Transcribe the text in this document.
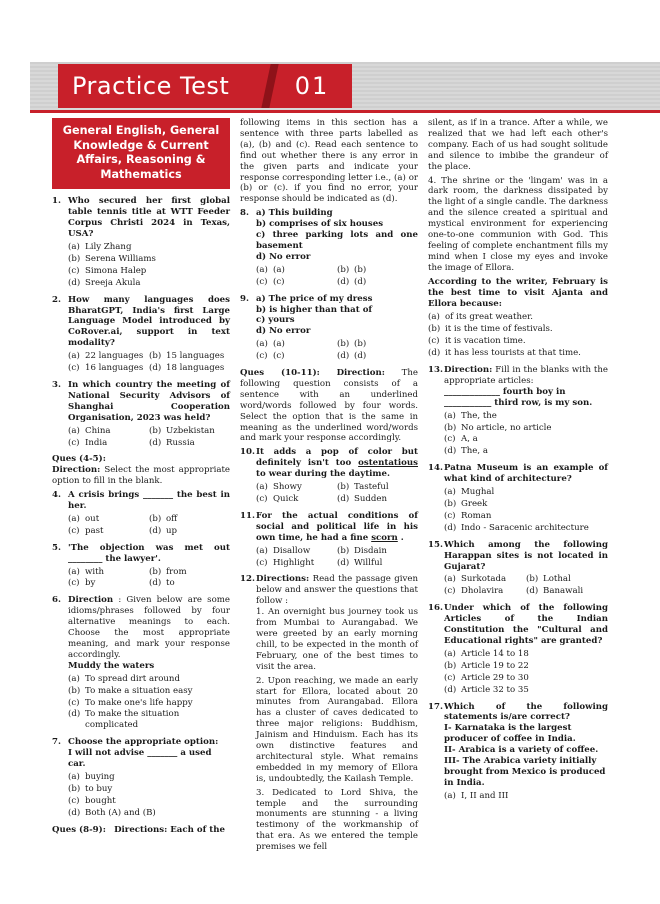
Practice Test	01
General English, General Knowledge & Current Affairs, Reasoning & Mathematics
1. Who secured her first global table tennis title at WTT Feeder Corpus Christi 2024 in Texas, USA?
(a) Lily Zhang
(b) Serena Williams
(c) Simona Halep
(d) Sreeja Akula
2. How many languages does BharatGPT, India's first Large Language Model introduced by CoRover.ai, support in text modality?
(a) 22 languages (b) 15 languages
(c) 16 languages (d) 18 languages
3. In which country the meeting of National Security Advisors of Shanghai Cooperation Organisation, 2023 was held?
(a) China	(b) Uzbekistan
(c) India	(d) Russia
Ques (4-5):
Direction: Select the most appropriate option to fill in the blank.
4. A crisis brings _______ the best in her.
(a) out	(b) off
(c) past	(d) up
5. 'The objection was met out ________ the lawyer'.
(a) with	(b) from
(c) by	(d) to
6. Direction : Given below are some idioms/phrases followed by four alternative meanings to each. Choose the most appropriate meaning, and mark your response accordingly.
Muddy the waters
(a) To spread dirt around
(b) To make a situation easy
(c) To make one's life happy
(d) To make the situation complicated
7. Choose the appropriate option:
I will not advise _______ a used car.
(a) buying
(b) to buy
(c) bought
(d) Both (A) and (B)
Ques (8-9): Directions: Each of the
following items in this section has a sentence with three parts labelled as (a), (b) and (c). Read each sentence to find out whether there is any error in the given parts and indicate your response corresponding letter i.e., (a) or (b) or (c). if you find no error, your response should be indicated as (d).
8. a) This building
b) comprises of six houses
c) three parking lots and one basement
d) No error
(a) (a)	(b) (b)
(c) (c)	(d) (d)
9. a) The price of my dress
b) is higher than that of
c) yours
d) No error
(a) (a)	(b) (b)
(c) (c)	(d) (d)
Ques (10-11): Direction: The following question consists of a sentence with an underlined word/words followed by four words. Select the option that is the same in meaning as the underlined word/words and mark your response accordingly.
10. It adds a pop of color but definitely isn't too ostentatious to wear during the daytime.
(a) Showy	(b) Tasteful
(c) Quick	(d) Sudden
11. For the actual conditions of social and political life in his own time, he had a fine scorn .
(a) Disallow	(b) Disdain
(c) Highlight	(d) Willful
12. Directions: Read the passage given below and answer the questions that follow :
1. An overnight bus journey took us from Mumbai to Aurangabad. We were greeted by an early morning chill, to be expected in the month of February, one of the best times to visit the area.
2. Upon reaching, we made an early start for Ellora, located about 20 minutes from Aurangabad. Ellora has a cluster of caves dedicated to three major religions: Buddhism, Jainism and Hinduism. Each has its own distinctive features and architectural style. What remains embedded in my memory of Ellora is, undoubtedly, the Kailash Temple.
3. Dedicated to Lord Shiva, the temple and the surrounding monuments are stunning - a living testimony of the workmanship of that era. As we entered the temple premises we fell
silent, as if in a trance. After a while, we realized that we had left each other's company. Each of us had sought solitude and silence to imbibe the grandeur of the place.
4. The shrine or the 'lingam' was in a dark room, the darkness dissipated by the light of a single candle. The darkness and the silence created a spiritual and mystical environment for experiencing one-to-one communion with God. This feeling of complete enchantment fills my mind when I close my eyes and invoke the image of Ellora.
According to the writer, February is the best time to visit Ajanta and Ellora because:
(a) of its great weather.
(b) it is the time of festivals.
(c) it is vacation time.
(d) it has less tourists at that time.
13. Direction: Fill in the blanks with the appropriate articles:
_____________ fourth boy in ___________ third row, is my son.
(a) The, the
(b) No article, no article
(c) A, a
(d) The, a
14. Patna Museum is an example of what kind of architecture?
(a) Mughal
(b) Greek
(c) Roman
(d) Indo - Saracenic architecture
15. Which among the following Harappan sites is not located in Gujarat?
(a) Surkotada (b) Lothal
(c) Dholavira	(d) Banawali
16. Under which of the following Articles of the Indian Constitution the "Cultural and Educational rights" are granted?
(a) Article 14 to 18
(b) Article 19 to 22
(c) Article 29 to 30
(d) Article 32 to 35
17. Which of the following statements is/are correct?
I- Karnataka is the largest producer of coffee in India.
II- Arabica is a variety of coffee.
III- The Arabica variety initially brought from Mexico is produced in India.
(a) I, II and III
